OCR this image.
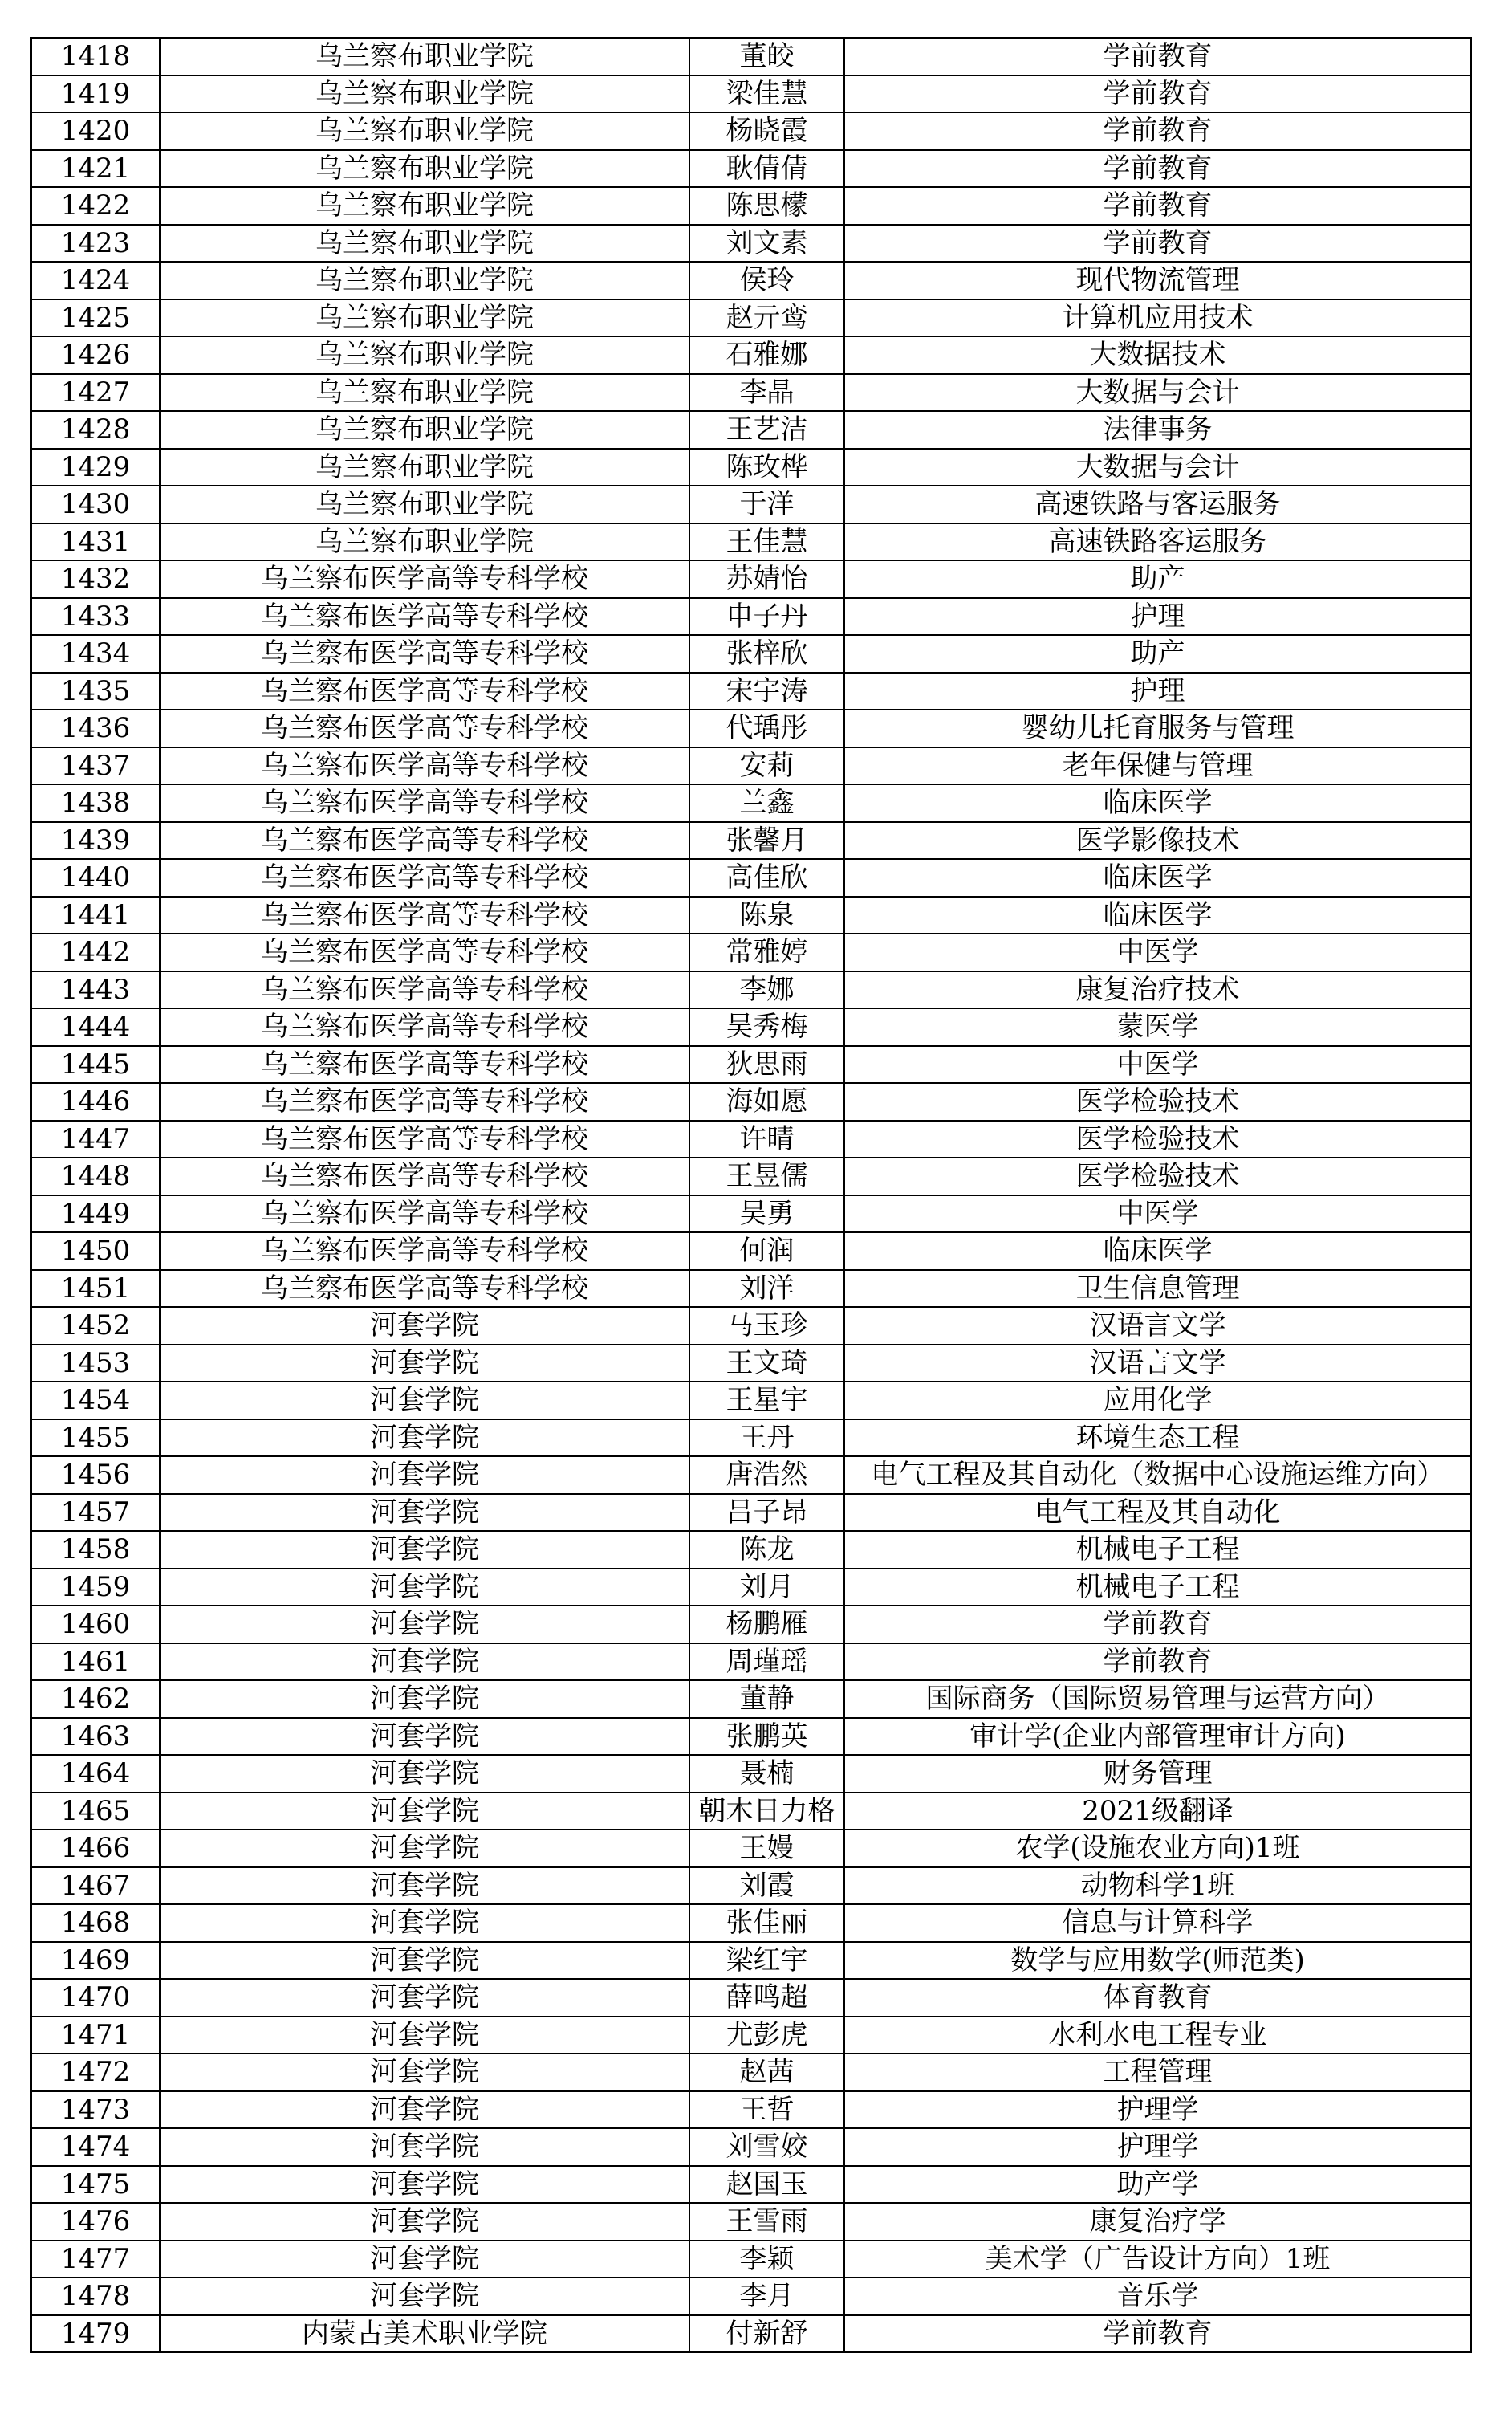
1418	乌兰察布职业学院	董皎	学前教育
1419	乌兰察布职业学院	梁佳慧	学前教育
1420	乌兰察布职业学院	杨晓霞	学前教育
1421	乌兰察布职业学院	耿倩倩	学前教育
1422	乌兰察布职业学院	陈思檬	学前教育
1423	乌兰察布职业学院	刘文素	学前教育
1424	乌兰察布职业学院	侯玲	现代物流管理
1425	乌兰察布职业学院	赵亓鸾	计算机应用技术
1426	乌兰察布职业学院	石雅娜	大数据技术
1427	乌兰察布职业学院	李晶	大数据与会计
1428	乌兰察布职业学院	王艺洁	法律事务
1429	乌兰察布职业学院	陈玫桦	大数据与会计
1430	乌兰察布职业学院	于洋	高速铁路与客运服务
1431	乌兰察布职业学院	王佳慧	高速铁路客运服务
1432	乌兰察布医学高等专科学校	苏婧怡	助产
1433	乌兰察布医学高等专科学校	申子丹	护理
1434	乌兰察布医学高等专科学校	张梓欣	助产
1435	乌兰察布医学高等专科学校	宋宇涛	护理
1436	乌兰察布医学高等专科学校	代瑀彤	婴幼儿托育服务与管理
1437	乌兰察布医学高等专科学校	安莉	老年保健与管理
1438	乌兰察布医学高等专科学校	兰鑫	临床医学
1439	乌兰察布医学高等专科学校	张馨月	医学影像技术
1440	乌兰察布医学高等专科学校	高佳欣	临床医学
1441	乌兰察布医学高等专科学校	陈泉	临床医学
1442	乌兰察布医学高等专科学校	常雅婷	中医学
1443	乌兰察布医学高等专科学校	李娜	康复治疗技术
1444	乌兰察布医学高等专科学校	吴秀梅	蒙医学
1445	乌兰察布医学高等专科学校	狄思雨	中医学
1446	乌兰察布医学高等专科学校	海如愿	医学检验技术
1447	乌兰察布医学高等专科学校	许晴	医学检验技术
1448	乌兰察布医学高等专科学校	王昱儒	医学检验技术
1449	乌兰察布医学高等专科学校	吴勇	中医学
1450	乌兰察布医学高等专科学校	何润	临床医学
1451	乌兰察布医学高等专科学校	刘洋	卫生信息管理
1452	河套学院	马玉珍	汉语言文学
1453	河套学院	王文琦	汉语言文学
1454	河套学院	王星宇	应用化学
1455	河套学院	王丹	环境生态工程
1456	河套学院	唐浩然	电气工程及其自动化（数据中心设施运维方向）
1457	河套学院	吕子昂	电气工程及其自动化
1458	河套学院	陈龙	机械电子工程
1459	河套学院	刘月	机械电子工程
1460	河套学院	杨鹏雁	学前教育
1461	河套学院	周瑾瑶	学前教育
1462	河套学院	董静	国际商务（国际贸易管理与运营方向）
1463	河套学院	张鹏英	审计学(企业内部管理审计方向)
1464	河套学院	聂楠	财务管理
1465	河套学院	朝木日力格	2021级翻译
1466	河套学院	王嫚	农学(设施农业方向)1班
1467	河套学院	刘霞	动物科学1班
1468	河套学院	张佳丽	信息与计算科学
1469	河套学院	梁红宇	数学与应用数学(师范类)
1470	河套学院	薛鸣超	体育教育
1471	河套学院	尤彭虎	水利水电工程专业
1472	河套学院	赵茜	工程管理
1473	河套学院	王哲	护理学
1474	河套学院	刘雪姣	护理学
1475	河套学院	赵国玉	助产学
1476	河套学院	王雪雨	康复治疗学
1477	河套学院	李颖	美术学（广告设计方向）1班
1478	河套学院	李月	音乐学
1479	内蒙古美术职业学院	付新舒	学前教育
